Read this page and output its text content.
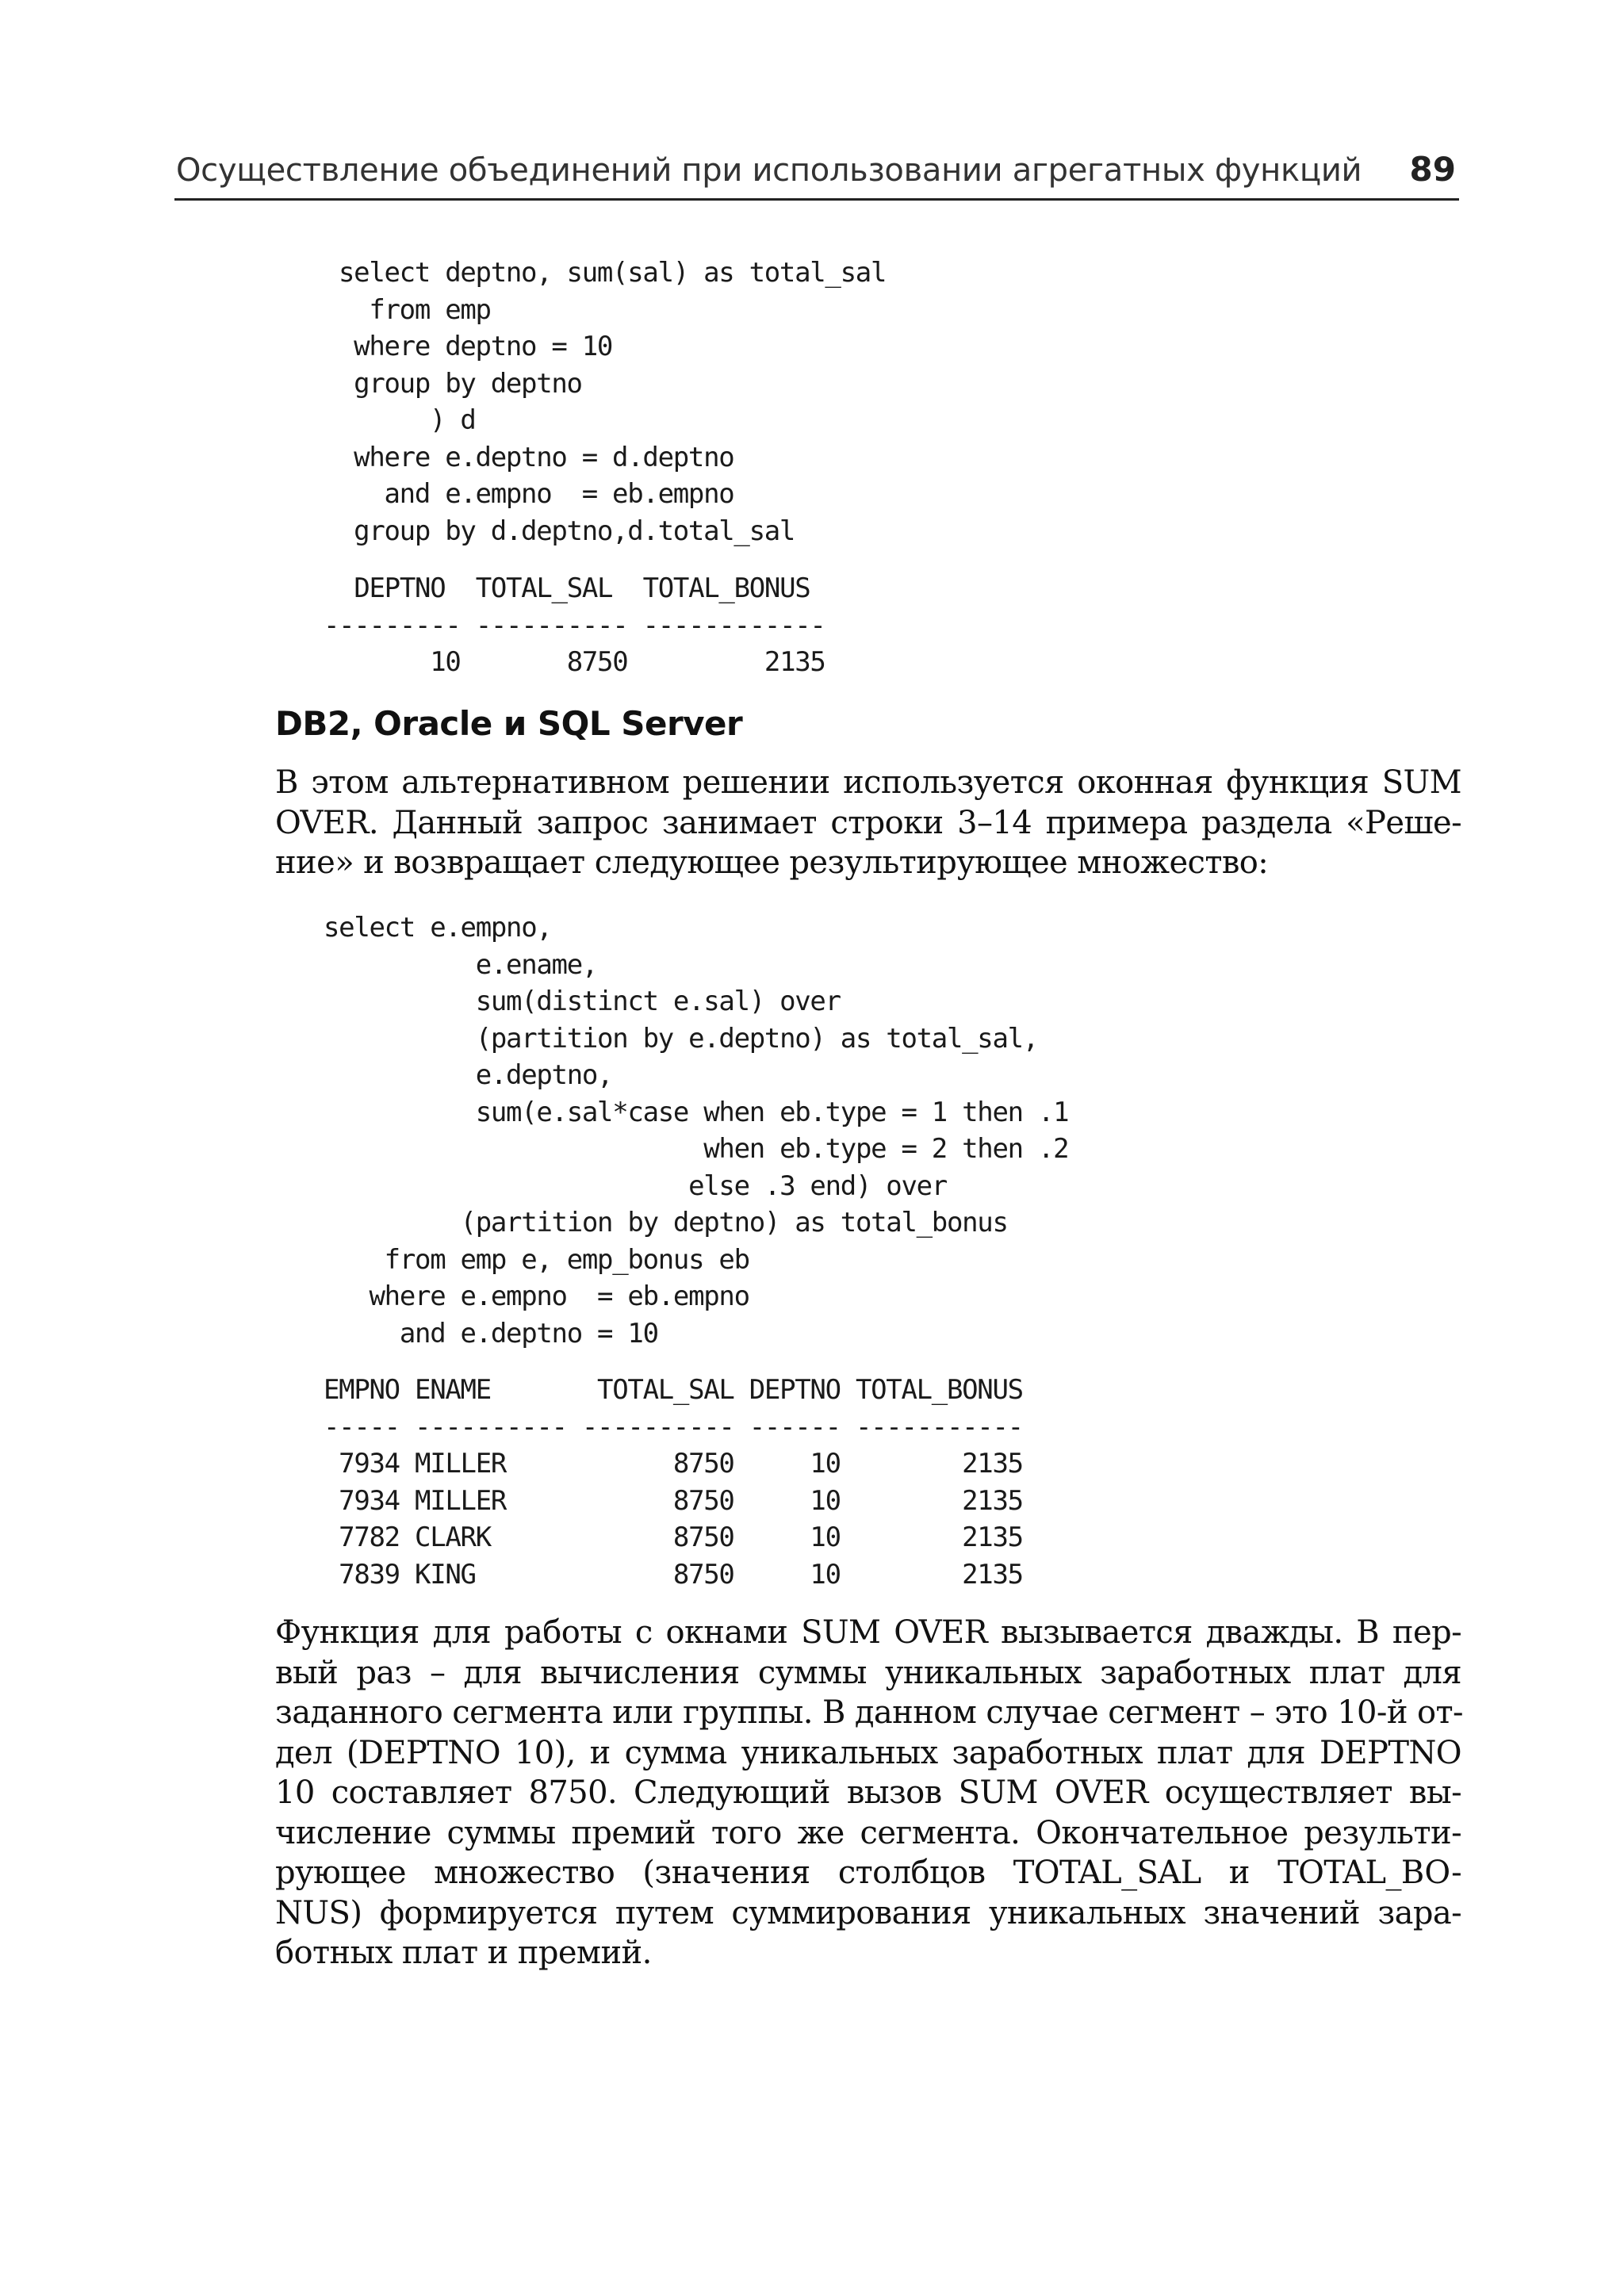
Осуществление объединений при использовании агрегатных функций 89
select deptno, sum(sal) as total_sal
from emp
where deptno = 10
group by deptno
) d
where e.deptno = d.deptno
and e.empno  = eb.empno
group by d.deptno,d.total_sal
DEPTNO  TOTAL_SAL  TOTAL_BONUS
--------- ---------- ------------
10       8750         2135
DB2, Oracle и SQL Server
В этом альтернативном решении используется оконная функция SUM
OVER. Данный запрос занимает строки 3–14 примера раздела «Реше-
ние» и возвращает следующее результирующее множество:
select e.empno,
e.ename,
sum(distinct e.sal) over
(partition by e.deptno) as total_sal,
e.deptno,
sum(e.sal*case when eb.type = 1 then .1
when eb.type = 2 then .2
else .3 end) over
(partition by deptno) as total_bonus
from emp e, emp_bonus eb
where e.empno  = eb.empno
and e.deptno = 10
EMPNO ENAME       TOTAL_SAL DEPTNO TOTAL_BONUS
----- ---------- ---------- ------ -----------
7934 MILLER           8750     10        2135
7934 MILLER           8750     10        2135
7782 CLARK            8750     10        2135
7839 KING             8750     10        2135
Функция для работы с окнами SUM OVER вызывается дважды. В пер-
вый раз – для вычисления суммы уникальных заработных плат для
заданного сегмента или группы. В данном случае сегмент – это 10-й от-
дел (DEPTNO 10), и сумма уникальных заработных плат для DEPTNO
10 составляет 8750. Следующий вызов SUM OVER осуществляет вы-
числение суммы премий того же сегмента. Окончательное результи-
рующее множество (значения столбцов TOTAL_SAL и TOTAL_BO-
NUS) формируется путем суммирования уникальных значений зара-
ботных плат и премий.
